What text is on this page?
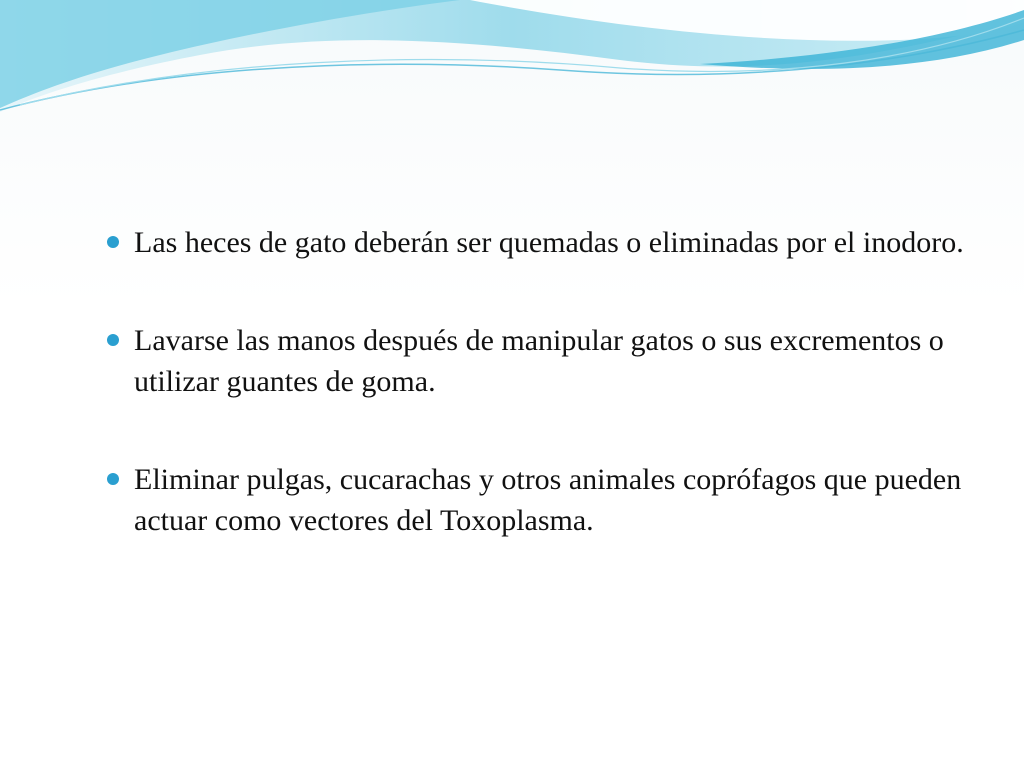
Las heces de gato deberán ser quemadas o eliminadas por el inodoro.
Lavarse las manos después de manipular gatos o sus excrementos o utilizar guantes de goma.
Eliminar pulgas, cucarachas y otros animales coprófagos que pueden actuar como vectores del Toxoplasma.
